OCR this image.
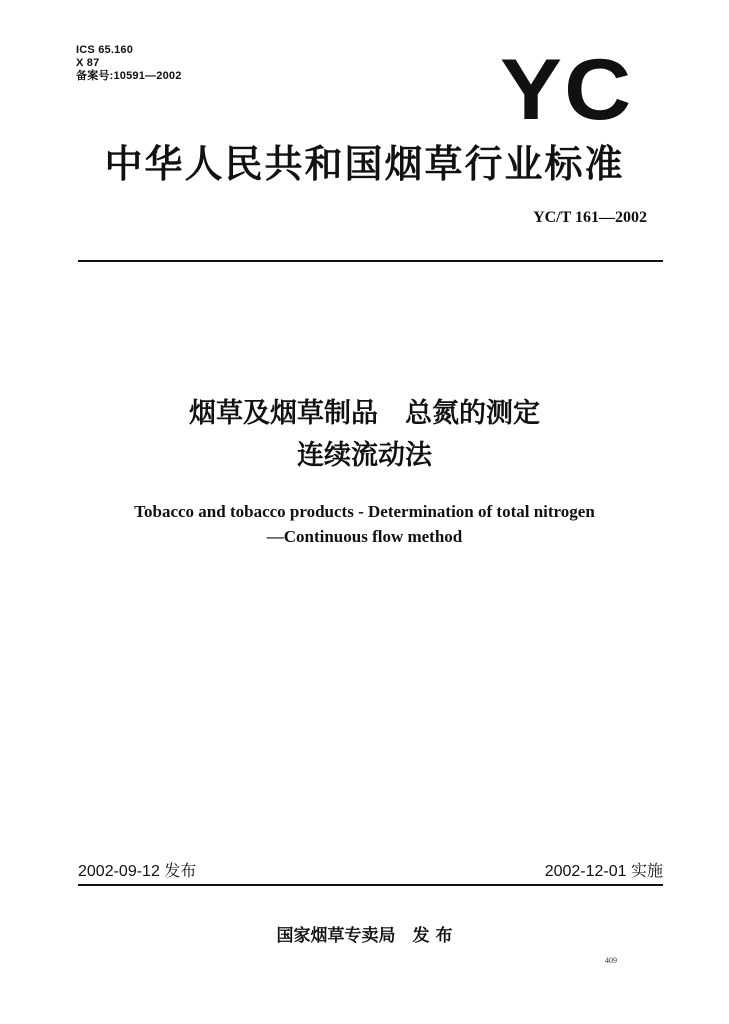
ICS 65.160
X 87
备案号:10591—2002	YC
中华人民共和国烟草行业标准
YC/T 161—2002
烟草及烟草制品　总氮的测定
连续流动法
Tobacco and tobacco products - Determination of total nitrogen
—Continuous flow method
2002-09-12 发布	2002-12-01 实施
国家烟草专卖局　发 布
409
